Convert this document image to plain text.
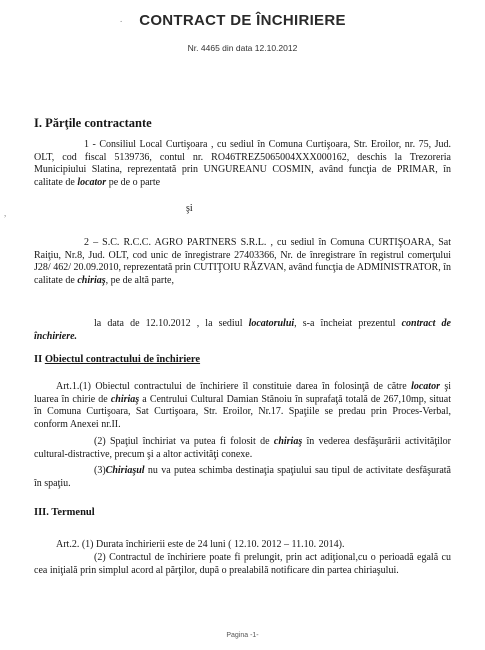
.	CONTRACT DE ÎNCHIRIERE
Nr. 4465 din data 12.10.2012
I. Părţile contractante
1 - Consiliul Local Curtişoara , cu sediul în Comuna Curtişoara, Str. Eroilor, nr. 75, Jud. OLT, cod fiscal 5139736, contul nr. RO46TREZ5065004XXX000162, deschis la Trezoreria Municipiului Slatina, reprezentată prin UNGUREANU COSMIN, având funcţia de PRIMAR, în calitate de locator pe de o parte
,	şi
2 – S.C. R.C.C. AGRO PARTNERS S.R.L. , cu sediul în Comuna CURTIŞOARA, Sat Raiţiu, Nr.8, Jud. OLT, cod unic de înregistrare 27403366, Nr. de înregistrare în registrul comerţului J28/ 462/ 20.09.2010, reprezentată prin CUTIŢOIU RĂZVAN, având funcţia de ADMINISTRATOR, în calitate de chiriaş, pe de altă parte,
la data de 12.10.2012 , la sediul locatorului, s-a încheiat prezentul contract de închiriere.
II Obiectul contractului de închiriere
Art.1.(1) Obiectul contractului de închiriere îl constituie darea în folosinţă de către locator şi luarea în chirie de chiriaş a Centrului Cultural Damian Stănoiu în suprafaţă totală de 267,10mp, situat în Comuna Curtişoara, Sat Curtişoara, Str. Eroilor, Nr.17. Spaţiile se predau prin Proces-Verbal, conform Anexei nr.II.
(2) Spaţiul închiriat va putea fi folosit de chiriaş în vederea desfăşurării activităţilor cultural-distractive, precum şi a altor activităţi conexe.
(3)Chiriaşul nu va putea schimba destinaţia spaţiului sau tipul de activitate desfăşurată în spaţiu.
III. Termenul
Art.2. (1) Durata închirierii este de 24 luni ( 12.10. 2012 – 11.10. 2014).
(2) Contractul de închiriere poate fi prelungit, prin act adiţional,cu o perioadă egală cu cea iniţială prin simplul acord al părţilor, după o prealabilă notificare din partea chiriaşului.
Pagina -1-
